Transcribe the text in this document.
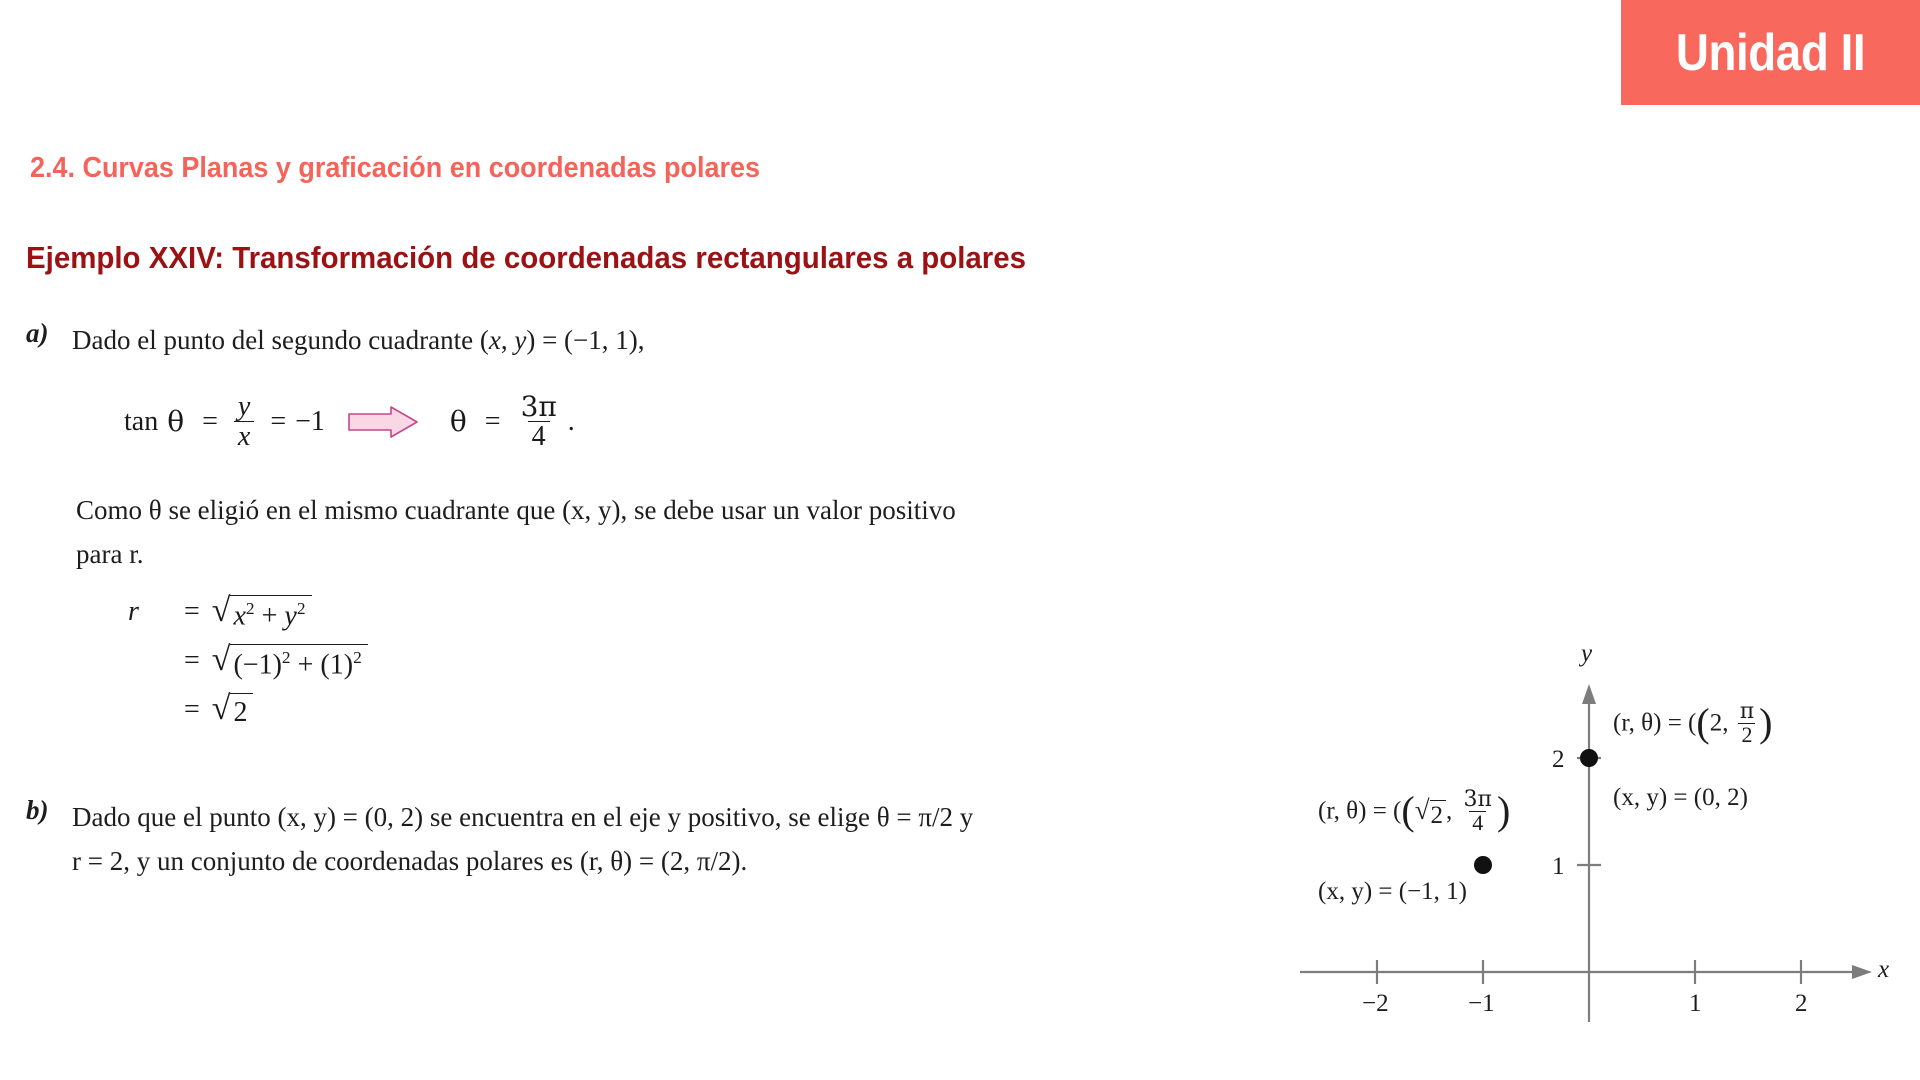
Unidad II
2.4. Curvas Planas y graficación en coordenadas polares
Ejemplo XXIV: Transformación de coordenadas rectangulares a polares
a) Dado el punto del segundo cuadrante (x, y) = (−1, 1),
$\tan \theta = \frac{y}{x} = -1$	$\theta = \frac{3\pi}{4}$ .
Como θ se eligió en el mismo cuadrante que (x, y), se debe usar un valor positivo
para r.
r	= √ $x^2 + y^2$
= √ $(-1)^2 + (1)^2$
= √ 2
b) Dado que el punto (x, y) = (0, 2) se encuentra en el eje y positivo, se elige θ = π/2 y
r = 2, y un conjunto de coordenadas polares es (r, θ) = (2, π/2).
x
y
−2	−1	1	2
1
2
(r, θ) = ((2, $\frac{\pi}{2}$ )
(x, y) = (0, 2)
(r, θ) = (( √ 2 , $\frac{3\pi}{4}$ )
(x, y) = (−1, 1)
